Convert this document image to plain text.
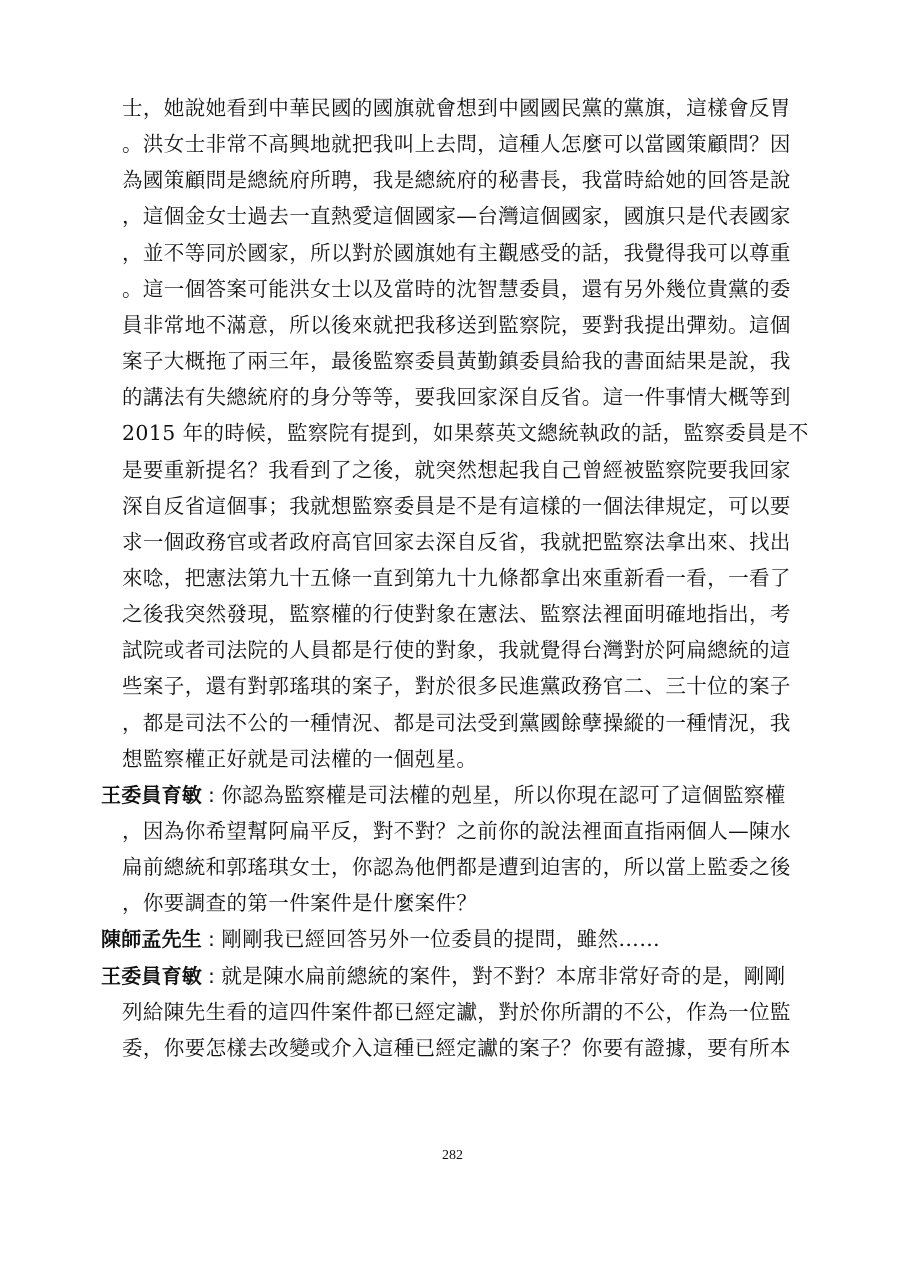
士，她說她看到中華民國的國旗就會想到中國國民黨的黨旗，這樣會反胃
。洪女士非常不高興地就把我叫上去問，這種人怎麼可以當國策顧問？因
為國策顧問是總統府所聘，我是總統府的秘書長，我當時給她的回答是說
，這個金女士過去一直熱愛這個國家—台灣這個國家，國旗只是代表國家
，並不等同於國家，所以對於國旗她有主觀感受的話，我覺得我可以尊重
。這一個答案可能洪女士以及當時的沈智慧委員，還有另外幾位貴黨的委
員非常地不滿意，所以後來就把我移送到監察院，要對我提出彈劾。這個
案子大概拖了兩三年，最後監察委員黃勤鎮委員給我的書面結果是說，我
的講法有失總統府的身分等等，要我回家深自反省。這一件事情大概等到
2015 年的時候，監察院有提到，如果蔡英文總統執政的話，監察委員是不
是要重新提名？我看到了之後，就突然想起我自己曾經被監察院要我回家
深自反省這個事；我就想監察委員是不是有這樣的一個法律規定，可以要
求一個政務官或者政府高官回家去深自反省，我就把監察法拿出來、找出
來唸，把憲法第九十五條一直到第九十九條都拿出來重新看一看，一看了
之後我突然發現，監察權的行使對象在憲法、監察法裡面明確地指出，考
試院或者司法院的人員都是行使的對象，我就覺得台灣對於阿扁總統的這
些案子，還有對郭瑤琪的案子，對於很多民進黨政務官二、三十位的案子
，都是司法不公的一種情況、都是司法受到黨國餘孽操縱的一種情況，我
想監察權正好就是司法權的一個剋星。
王委員育敏 : 你認為監察權是司法權的剋星，所以你現在認可了這個監察權
，因為你希望幫阿扁平反，對不對？之前你的說法裡面直指兩個人—陳水
扁前總統和郭瑤琪女士，你認為他們都是遭到迫害的，所以當上監委之後
，你要調查的第一件案件是什麼案件？
陳師孟先生 : 剛剛我已經回答另外一位委員的提問，雖然……
王委員育敏 : 就是陳水扁前總統的案件，對不對？本席非常好奇的是，剛剛
列給陳先生看的這四件案件都已經定讞，對於你所謂的不公，作為一位監
委，你要怎樣去改變或介入這種已經定讞的案子？你要有證據，要有所本
282
